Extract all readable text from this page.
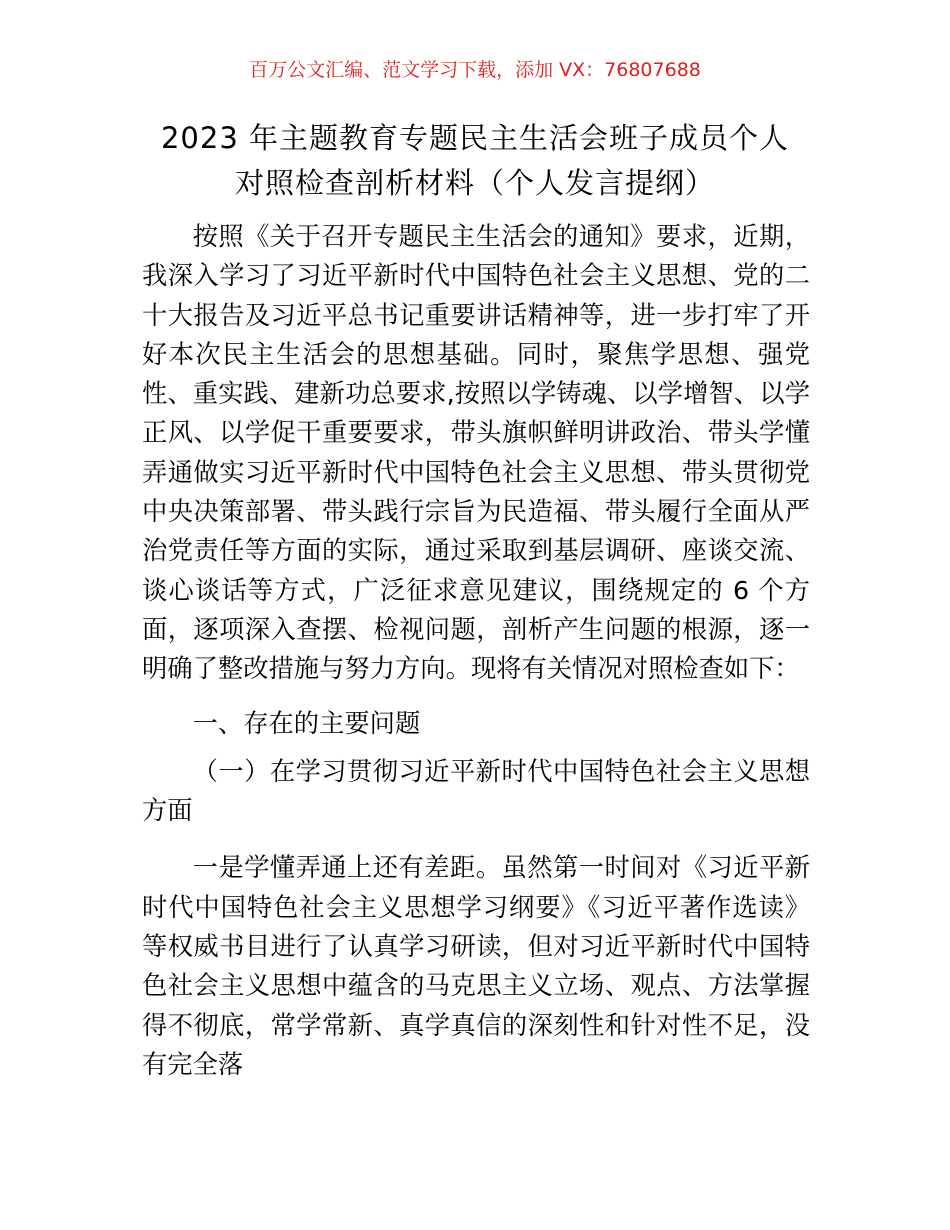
百万公文汇编、范文学习下载，添加 VX：76807688
2023 年主题教育专题民主生活会班子成员个人
对照检查剖析材料（个人发言提纲）

按照《关于召开专题民主生活会的通知》要求，近期，我深入学习了习近平新时代中国特色社会主义思想、党的二十大报告及习近平总书记重要讲话精神等，进一步打牢了开好本次民主生活会的思想基础。同时，聚焦学思想、强党性、重实践、建新功总要求,按照以学铸魂、以学增智、以学正风、以学促干重要要求，带头旗帜鲜明讲政治、带头学懂弄通做实习近平新时代中国特色社会主义思想、带头贯彻党中央决策部署、带头践行宗旨为民造福、带头履行全面从严治党责任等方面的实际，通过采取到基层调研、座谈交流、谈心谈话等方式，广泛征求意见建议，围绕规定的 6 个方面，逐项深入查摆、检视问题，剖析产生问题的根源，逐一明确了整改措施与努力方向。现将有关情况对照检查如下：

一、存在的主要问题

（一）在学习贯彻习近平新时代中国特色社会主义思想方面

一是学懂弄通上还有差距。虽然第一时间对《习近平新时代中国特色社会主义思想学习纲要》《习近平著作选读》等权威书目进行了认真学习研读，但对习近平新时代中国特色社会主义思想中蕴含的马克思主义立场、观点、方法掌握得不彻底，常学常新、真学真信的深刻性和针对性不足，没有完全落
